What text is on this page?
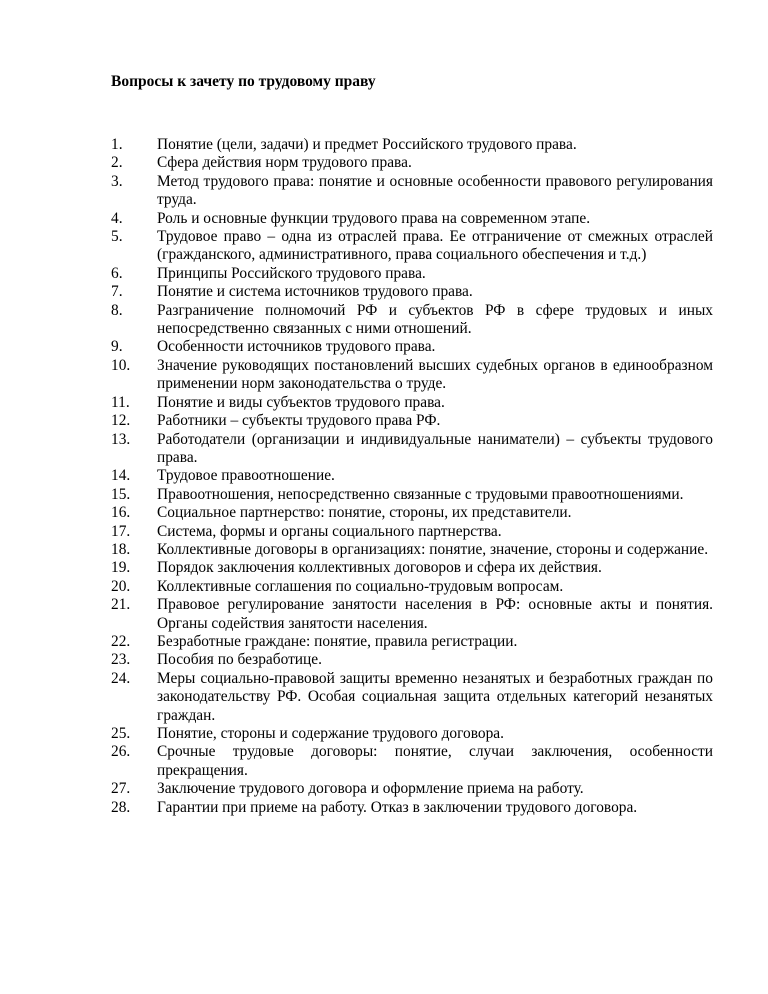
Вопросы к зачету по трудовому праву
1.	Понятие (цели, задачи) и предмет Российского трудового права.
2.	Сфера действия норм трудового права.
3.	Метод трудового права: понятие и основные особенности правового регулирования труда.
4.	Роль и основные функции трудового права на современном этапе.
5.	Трудовое право – одна из отраслей права. Ее отграничение от смежных отраслей (гражданского, административного, права социального обеспечения и т.д.)
6.	Принципы Российского трудового права.
7.	Понятие и система источников трудового права.
8.	Разграничение полномочий РФ и субъектов РФ в сфере трудовых и иных непосредственно связанных с ними отношений.
9.	Особенности источников трудового права.
10.	Значение руководящих постановлений высших судебных органов в единообразном применении норм законодательства о труде.
11.	Понятие и виды субъектов трудового права.
12.	Работники – субъекты трудового права РФ.
13.	Работодатели (организации и индивидуальные наниматели) – субъекты трудового права.
14.	Трудовое правоотношение.
15.	Правоотношения, непосредственно связанные с трудовыми правоотношениями.
16.	Социальное партнерство: понятие, стороны, их представители.
17.	Система, формы и органы социального партнерства.
18.	Коллективные договоры в организациях: понятие, значение, стороны и содержание.
19.	Порядок заключения коллективных договоров и сфера их действия.
20.	Коллективные соглашения по социально-трудовым вопросам.
21.	Правовое регулирование занятости населения в РФ: основные акты и понятия. Органы содействия занятости населения.
22.	Безработные граждане: понятие, правила регистрации.
23.	Пособия по безработице.
24.	Меры социально-правовой защиты временно незанятых и безработных граждан по законодательству РФ. Особая социальная защита отдельных категорий незанятых граждан.
25.	Понятие, стороны и содержание трудового договора.
26.	Срочные трудовые договоры: понятие, случаи заключения, особенности прекращения.
27.	Заключение трудового договора и оформление приема на работу.
28.	Гарантии при приеме на работу. Отказ в заключении трудового договора.
